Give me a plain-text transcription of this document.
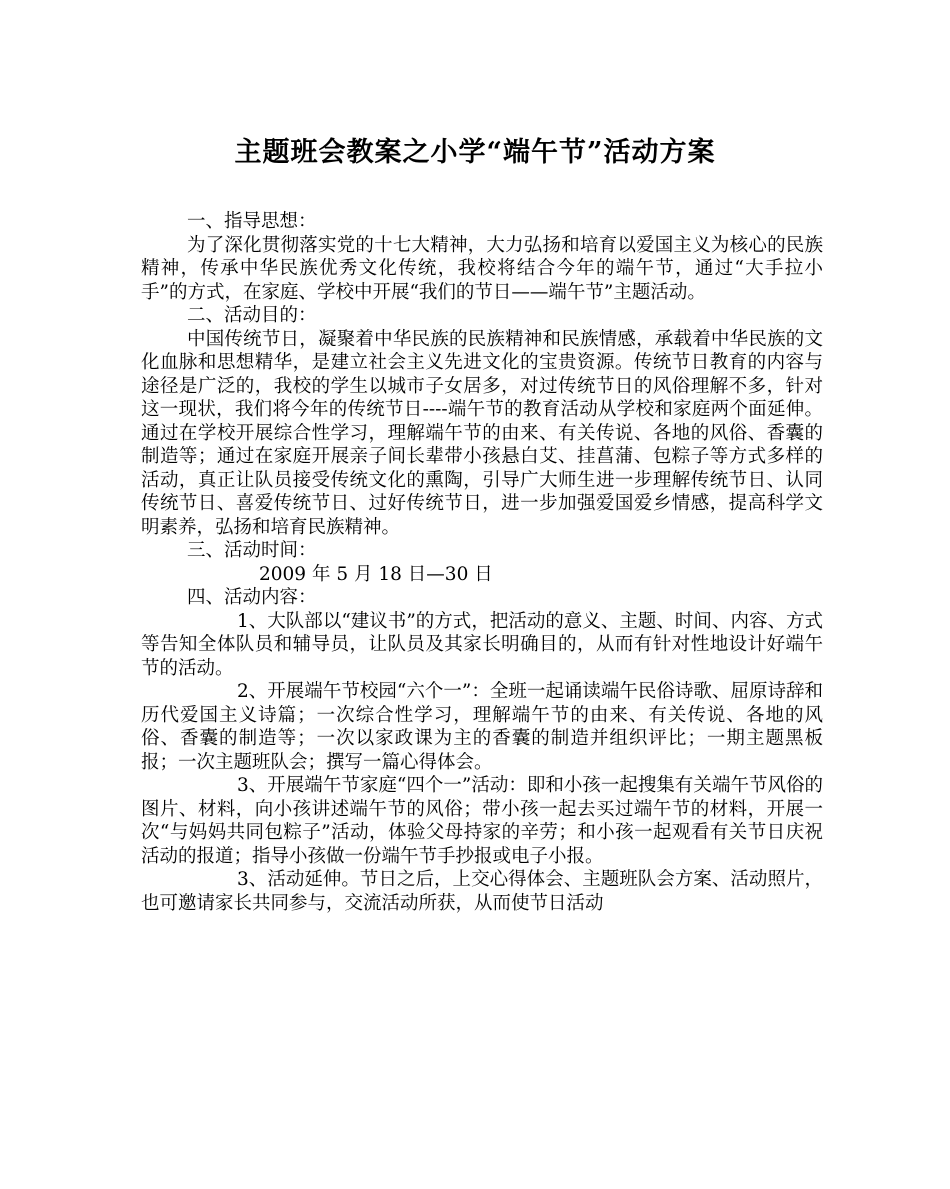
主题班会教案之小学“端午节”活动方案

一、指导思想：

为了深化贯彻落实党的十七大精神，大力弘扬和培育以爱国主义为核心的民族精神，传承中华民族优秀文化传统，我校将结合今年的端午节，通过“大手拉小手”的方式，在家庭、学校中开展“我们的节日——端午节”主题活动。

二、活动目的：

中国传统节日，凝聚着中华民族的民族精神和民族情感，承载着中华民族的文化血脉和思想精华，是建立社会主义先进文化的宝贵资源。传统节日教育的内容与途径是广泛的，我校的学生以城市子女居多，对过传统节日的风俗理解不多，针对这一现状，我们将今年的传统节日----端午节的教育活动从学校和家庭两个面延伸。通过在学校开展综合性学习，理解端午节的由来、有关传说、各地的风俗、香囊的制造等；通过在家庭开展亲子间长辈带小孩悬白艾、挂菖蒲、包粽子等方式多样的活动，真正让队员接受传统文化的熏陶，引导广大师生进一步理解传统节日、认同传统节日、喜爱传统节日、过好传统节日，进一步加强爱国爱乡情感，提高科学文明素养，弘扬和培育民族精神。

三、活动时间：

2009 年 5 月 18 日—30 日

四、活动内容：

1、大队部以“建议书”的方式，把活动的意义、主题、时间、内容、方式等告知全体队员和辅导员，让队员及其家长明确目的，从而有针对性地设计好端午节的活动。

2、开展端午节校园“六个一”：全班一起诵读端午民俗诗歌、屈原诗辞和历代爱国主义诗篇；一次综合性学习，理解端午节的由来、有关传说、各地的风俗、香囊的制造等；一次以家政课为主的香囊的制造并组织评比；一期主题黑板报；一次主题班队会；撰写一篇心得体会。

3、开展端午节家庭“四个一”活动：即和小孩一起搜集有关端午节风俗的图片、材料，向小孩讲述端午节的风俗；带小孩一起去买过端午节的材料，开展一次“与妈妈共同包粽子”活动，体验父母持家的辛劳；和小孩一起观看有关节日庆祝活动的报道；指导小孩做一份端午节手抄报或电子小报。

3、活动延伸。节日之后，上交心得体会、主题班队会方案、活动照片，也可邀请家长共同参与，交流活动所获，从而使节日活动
